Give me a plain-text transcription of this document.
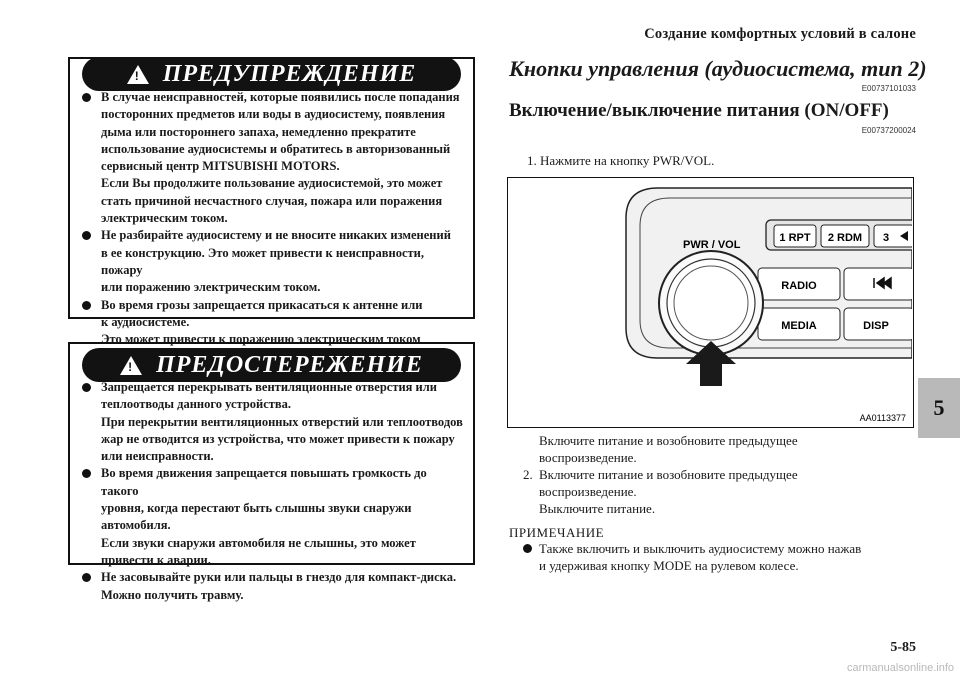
Создание комфортных условий в салоне
5
5-85
carmanualsonline.info
! ПРЕДУПРЕЖДЕНИЕ

В случае неисправностей, которые появились после попадания

посторонних предметов или воды в аудиосистему, появления

дыма или постороннего запаха, немедленно прекратите

использование аудиосистемы и обратитесь в авторизованный

сервисный центр MITSUBISHI MOTORS.

Если Вы продолжите пользование аудиосистемой, это может

стать причиной несчастного случая, пожара или поражения

электрическим током.

Не разбирайте аудиосистему и не вносите никаких изменений

в ее конструкцию. Это может привести к неисправности, пожару

или поражению электрическим током.

Во время грозы запрещается прикасаться к антенне или

к аудиосистеме.

Это может привести к поражению электрическим током

! ПРЕДОСТЕРЕЖЕНИЕ

Запрещается перекрывать вентиляционные отверстия или

теплоотводы данного устройства.

При перекрытии вентиляционных отверстий или теплоотводов

жар не отводится из устройства, что может привести к пожару

или неисправности.

Во время движения запрещается повышать громкость до такого

уровня, когда перестают быть слышны звуки снаружи

автомобиля.

Если звуки снаружи автомобиля не слышны, это может

привести к аварии.

Не засовывайте руки или пальцы в гнездо для компакт-диска.

Можно получить травму.

Кнопки управления (аудиосистема, тип 2)
E00737101033
Включение/выключение питания (ON/OFF)
E00737200024
1. Нажмите на кнопку PWR/VOL.
1 RPT 2 RDM 3
RADIO
MEDIA	DISP
PWR / VOL
AA0113377
Включите питание и возобновите предыдущее
воспроизведение.
2. Включите питание и возобновите предыдущее
воспроизведение.
Выключите питание.
ПРИМЕЧАНИЕ
Также включить и выключить аудиосистему можно нажав
и удерживая кнопку MODE на рулевом колесе.
